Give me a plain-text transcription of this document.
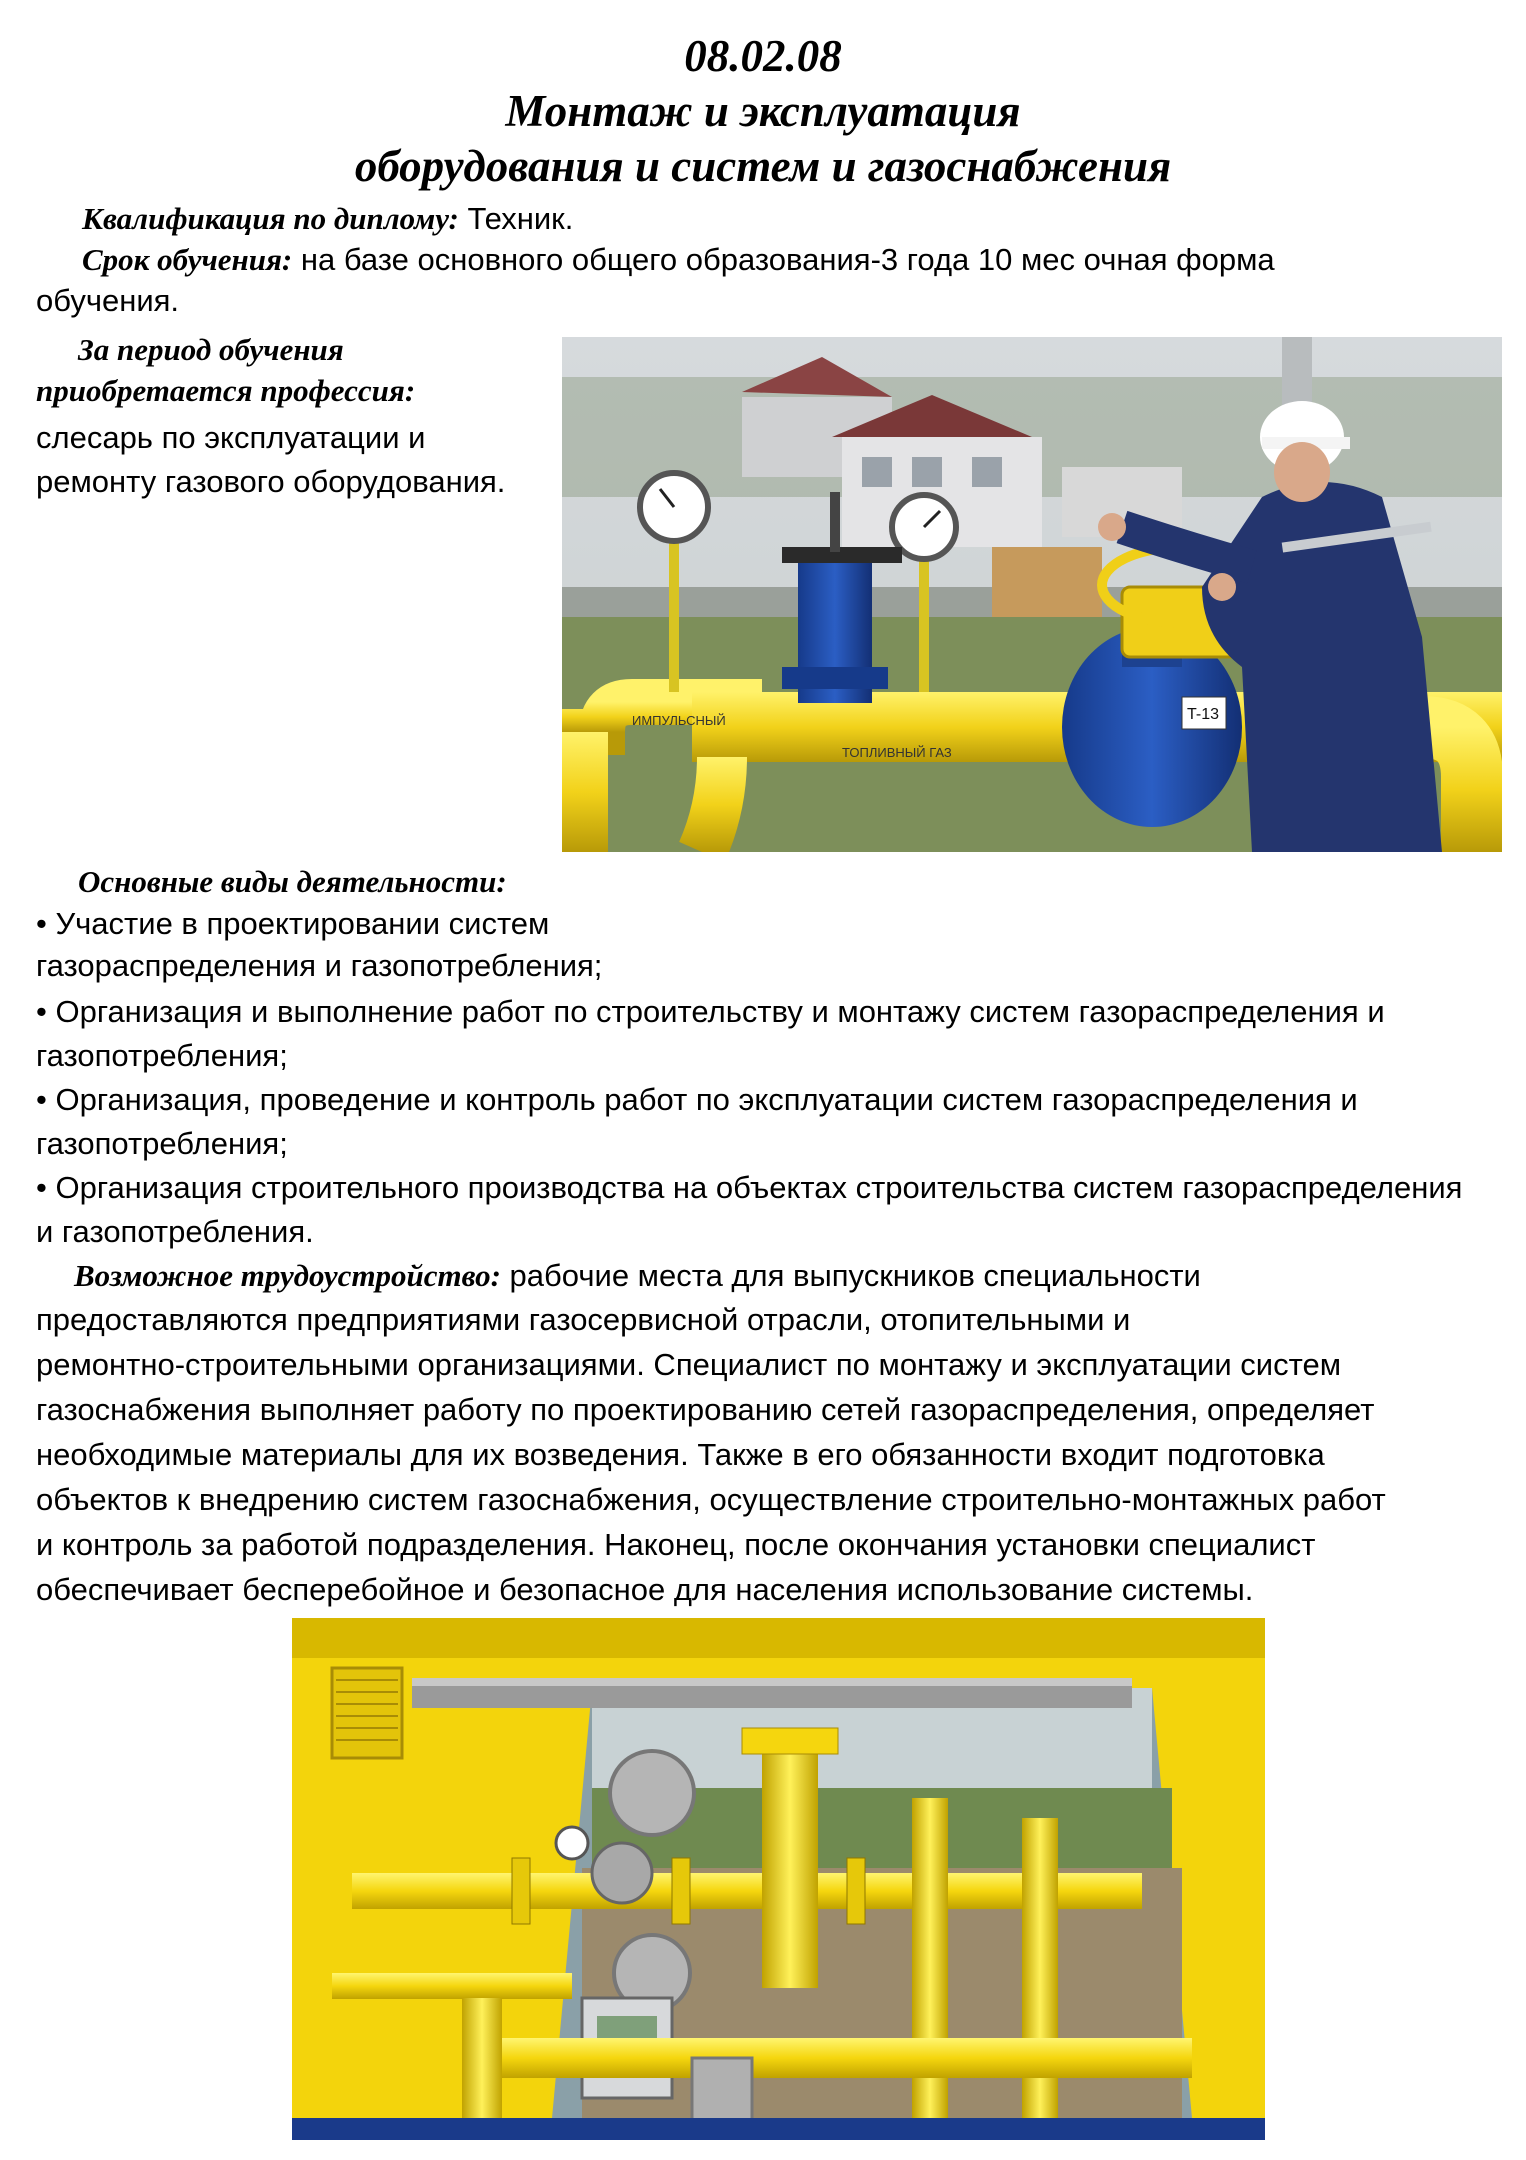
08.02.08
Монтаж и эксплуатация
оборудования и систем и газоснабжения
Квалификация по диплому: Техник.
Срок обучения: на базе основного общего образования-3 года 10 мес очная форма
обучения.
За период обучения
приобретается профессия:
слесарь по эксплуатации и
ремонту газового оборудования.
ИМПУЛЬСНЫЙ
ТОПЛИВНЫЙ ГАЗ
T-13
Основные виды деятельности:
• Участие в проектировании систем
газораспределения и газопотребления;
• Организация и выполнение работ по строительству и монтажу систем газораспределения и
газопотребления;
• Организация, проведение и контроль работ по эксплуатации систем газораспределения и
газопотребления;
• Организация строительного производства на объектах строительства систем газораспределения
и газопотребления.
Возможное трудоустройство: рабочие места для выпускников специальности
предоставляются предприятиями газосервисной отрасли, отопительными и
ремонтно-строительными организациями. Специалист по монтажу и эксплуатации систем
газоснабжения выполняет работу по проектированию сетей газораспределения, определяет
необходимые материалы для их возведения. Также в его обязанности входит подготовка
объектов к внедрению систем газоснабжения, осуществление строительно-монтажных работ
и контроль за работой подразделения. Наконец, после окончания установки специалист
обеспечивает бесперебойное и безопасное для населения использование системы.
